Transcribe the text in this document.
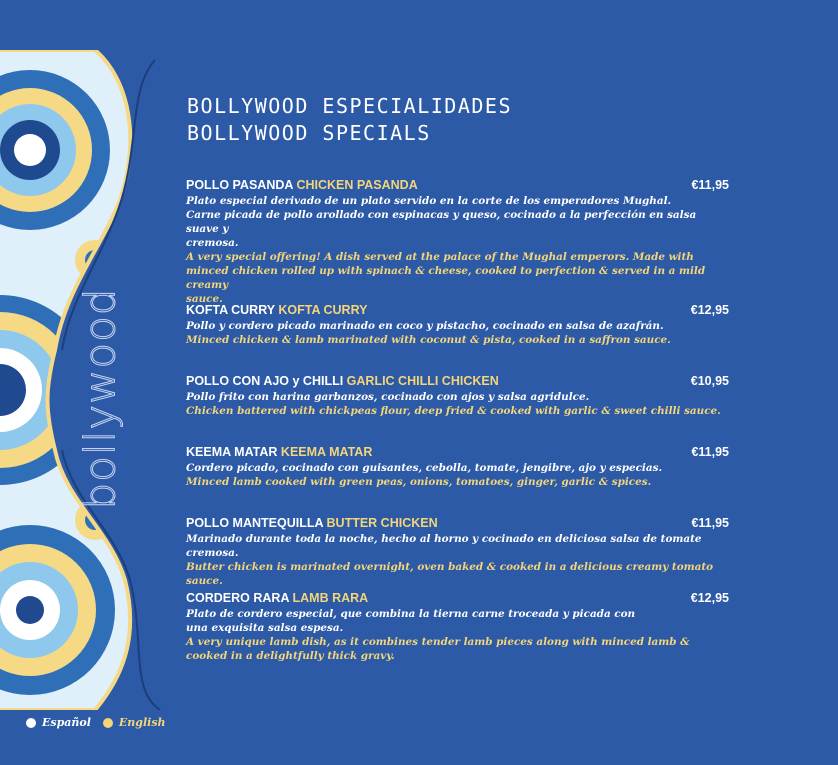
bollywood
BOLLYWOOD ESPECIALIDADES
BOLLYWOOD SPECIALS
POLLO PASANDA CHICKEN PASANDA	€11,95
Plato especial derivado de un plato servido en la corte de los emperadores Mughal.
Carne picada de pollo arollado con espinacas y queso, cocinado a la perfección en salsa suave y
cremosa.
A very special offering! A dish served at the palace of the Mughal emperors. Made with
minced chicken rolled up with spinach & cheese, cooked to perfection & served in a mild creamy
sauce.
KOFTA CURRY KOFTA CURRY	€12,95
Pollo y cordero picado marinado en coco y pistacho, cocinado en salsa de azafrán.
Minced chicken & lamb marinated with coconut & pista, cooked in a saffron sauce.
POLLO CON AJO y CHILLI GARLIC CHILLI CHICKEN	€10,95
Pollo frito con harina garbanzos, cocinado con ajos y salsa agridulce.
Chicken battered with chickpeas flour, deep fried & cooked with garlic & sweet chilli sauce.
KEEMA MATAR KEEMA MATAR	€11,95
Cordero picado, cocinado con guisantes, cebolla, tomate, jengibre, ajo y especias.
Minced lamb cooked with green peas, onions, tomatoes, ginger, garlic & spices.
POLLO MANTEQUILLA BUTTER CHICKEN	€11,95
Marinado durante toda la noche, hecho al horno y cocinado en deliciosa salsa de tomate cremosa.
Butter chicken is marinated overnight, oven baked & cooked in a delicious creamy tomato sauce.
CORDERO RARA LAMB RARA	€12,95
Plato de cordero especial, que combina la tierna carne troceada y picada con
una exquisita salsa espesa.
A very unique lamb dish, as it combines tender lamb pieces along with minced lamb &
cooked in a delightfully thick gravy.
Español	English
